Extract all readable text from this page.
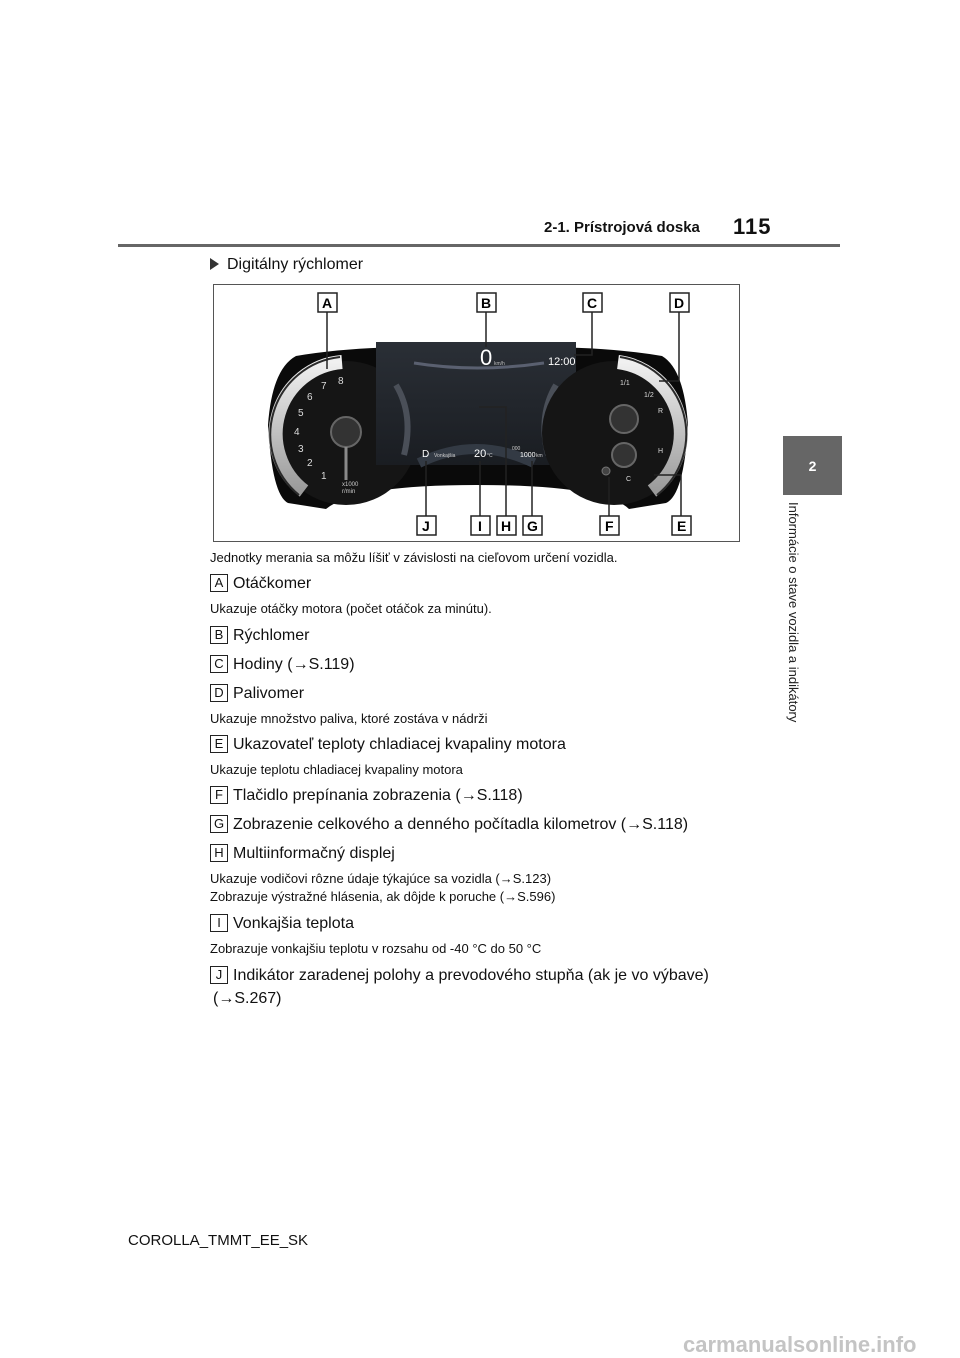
2-1. Prístrojová doska 115
2
Informácie o stave vozidla a indikátory
Digitálny rýchlomer
1
2
3
4
5
6
7 8
x1000
r/min
0 km/h	12:00
D Vonkajšia 20 °C
000
1000 km
1/1
1/2
R
H
C
A	B	C	D
E
F
G
H
I
J
Jednotky merania sa môžu líšiť v závislosti na cieľovom určení vozidla.
A Otáčkomer
Ukazuje otáčky motora (počet otáčok za minútu).
B Rýchlomer
C Hodiny (→S.119)
D Palivomer
Ukazuje množstvo paliva, ktoré zostáva v nádrži
E Ukazovateľ teploty chladiacej kvapaliny motora
Ukazuje teplotu chladiacej kvapaliny motora
F Tlačidlo prepínania zobrazenia (→S.118)
G Zobrazenie celkového a denného počítadla kilometrov (→S.118)
H Multiinformačný displej
Ukazuje vodičovi rôzne údaje týkajúce sa vozidla (→S.123)
Zobrazuje výstražné hlásenia, ak dôjde k poruche (→S.596)
I Vonkajšia teplota
Zobrazuje vonkajšiu teplotu v rozsahu od -40 °C do 50 °C
J Indikátor zaradenej polohy a prevodového stupňa (ak je vo výbave)
(→S.267)
COROLLA_TMMT_EE_SK
carmanualsonline.info
